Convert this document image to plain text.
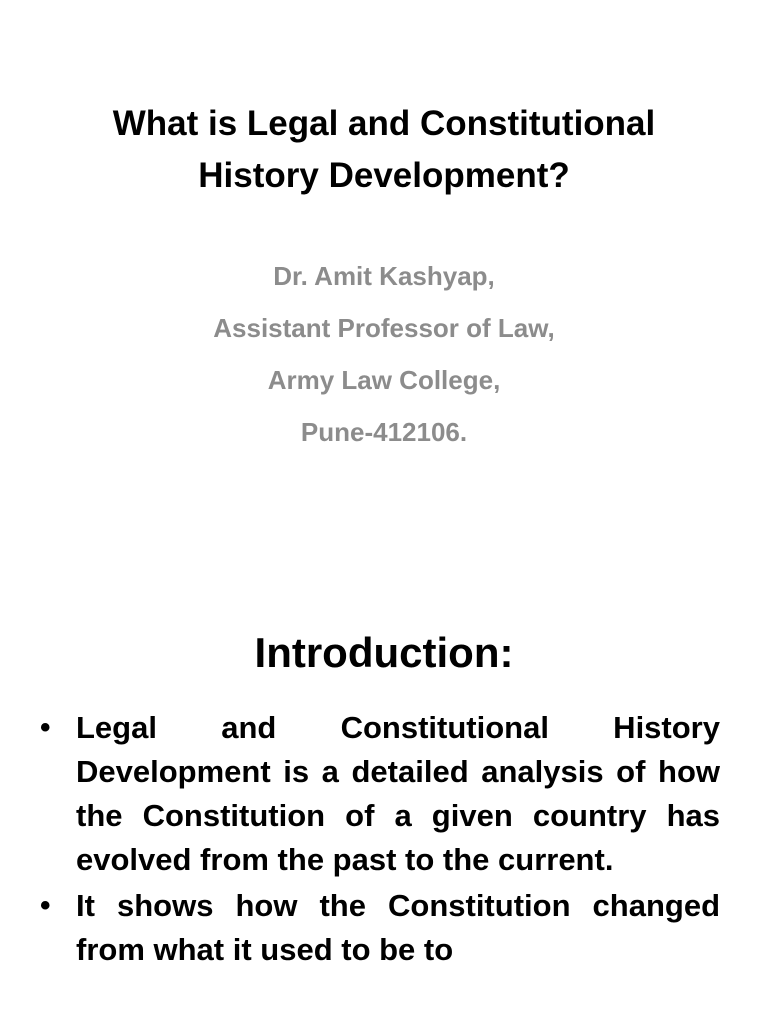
What is Legal and Constitutional
History Development?
Dr. Amit Kashyap,
Assistant Professor of Law,
Army Law College,
Pune-412106.
Introduction:
• Legal and Constitutional History Development is a detailed analysis of how the Constitution of a given country has evolved from the past to the current.
• It shows how the Constitution changed from what it used to be to
